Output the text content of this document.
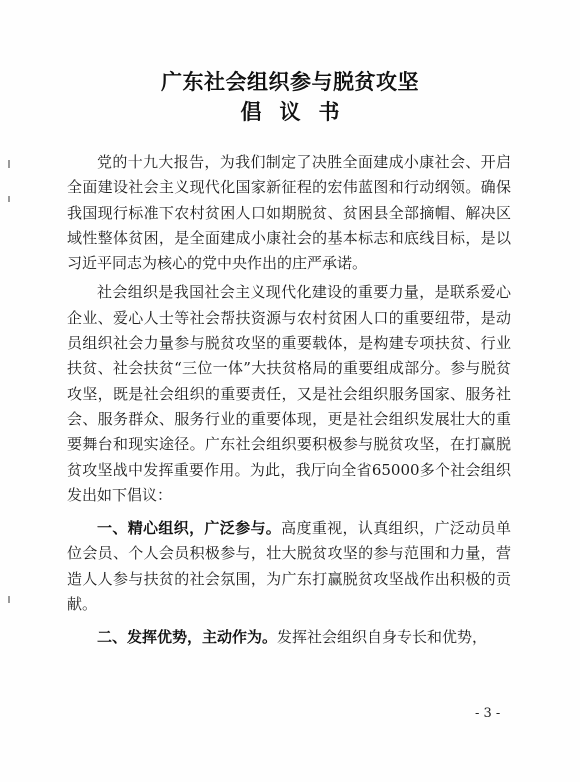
广东社会组织参与脱贫攻坚
倡议书

党的十九大报告，为我们制定了决胜全面建成小康社会、开启全面建设社会主义现代化国家新征程的宏伟蓝图和行动纲领。确保我国现行标准下农村贫困人口如期脱贫、贫困县全部摘帽、解决区域性整体贫困，是全面建成小康社会的基本标志和底线目标，是以习近平同志为核心的党中央作出的庄严承诺。

社会组织是我国社会主义现代化建设的重要力量，是联系爱心企业、爱心人士等社会帮扶资源与农村贫困人口的重要纽带，是动员组织社会力量参与脱贫攻坚的重要载体，是构建专项扶贫、行业扶贫、社会扶贫“三位一体”大扶贫格局的重要组成部分。参与脱贫攻坚，既是社会组织的重要责任，又是社会组织服务国家、服务社会、服务群众、服务行业的重要体现，更是社会组织发展壮大的重要舞台和现实途径。广东社会组织要积极参与脱贫攻坚，在打赢脱贫攻坚战中发挥重要作用。为此，我厅向全省65000多个社会组织发出如下倡议：

一、精心组织，广泛参与。高度重视，认真组织，广泛动员单位会员、个人会员积极参与，壮大脱贫攻坚的参与范围和力量，营造人人参与扶贫的社会氛围，为广东打赢脱贫攻坚战作出积极的贡献。

二、发挥优势，主动作为。发挥社会组织自身专长和优势，

- 3 -
